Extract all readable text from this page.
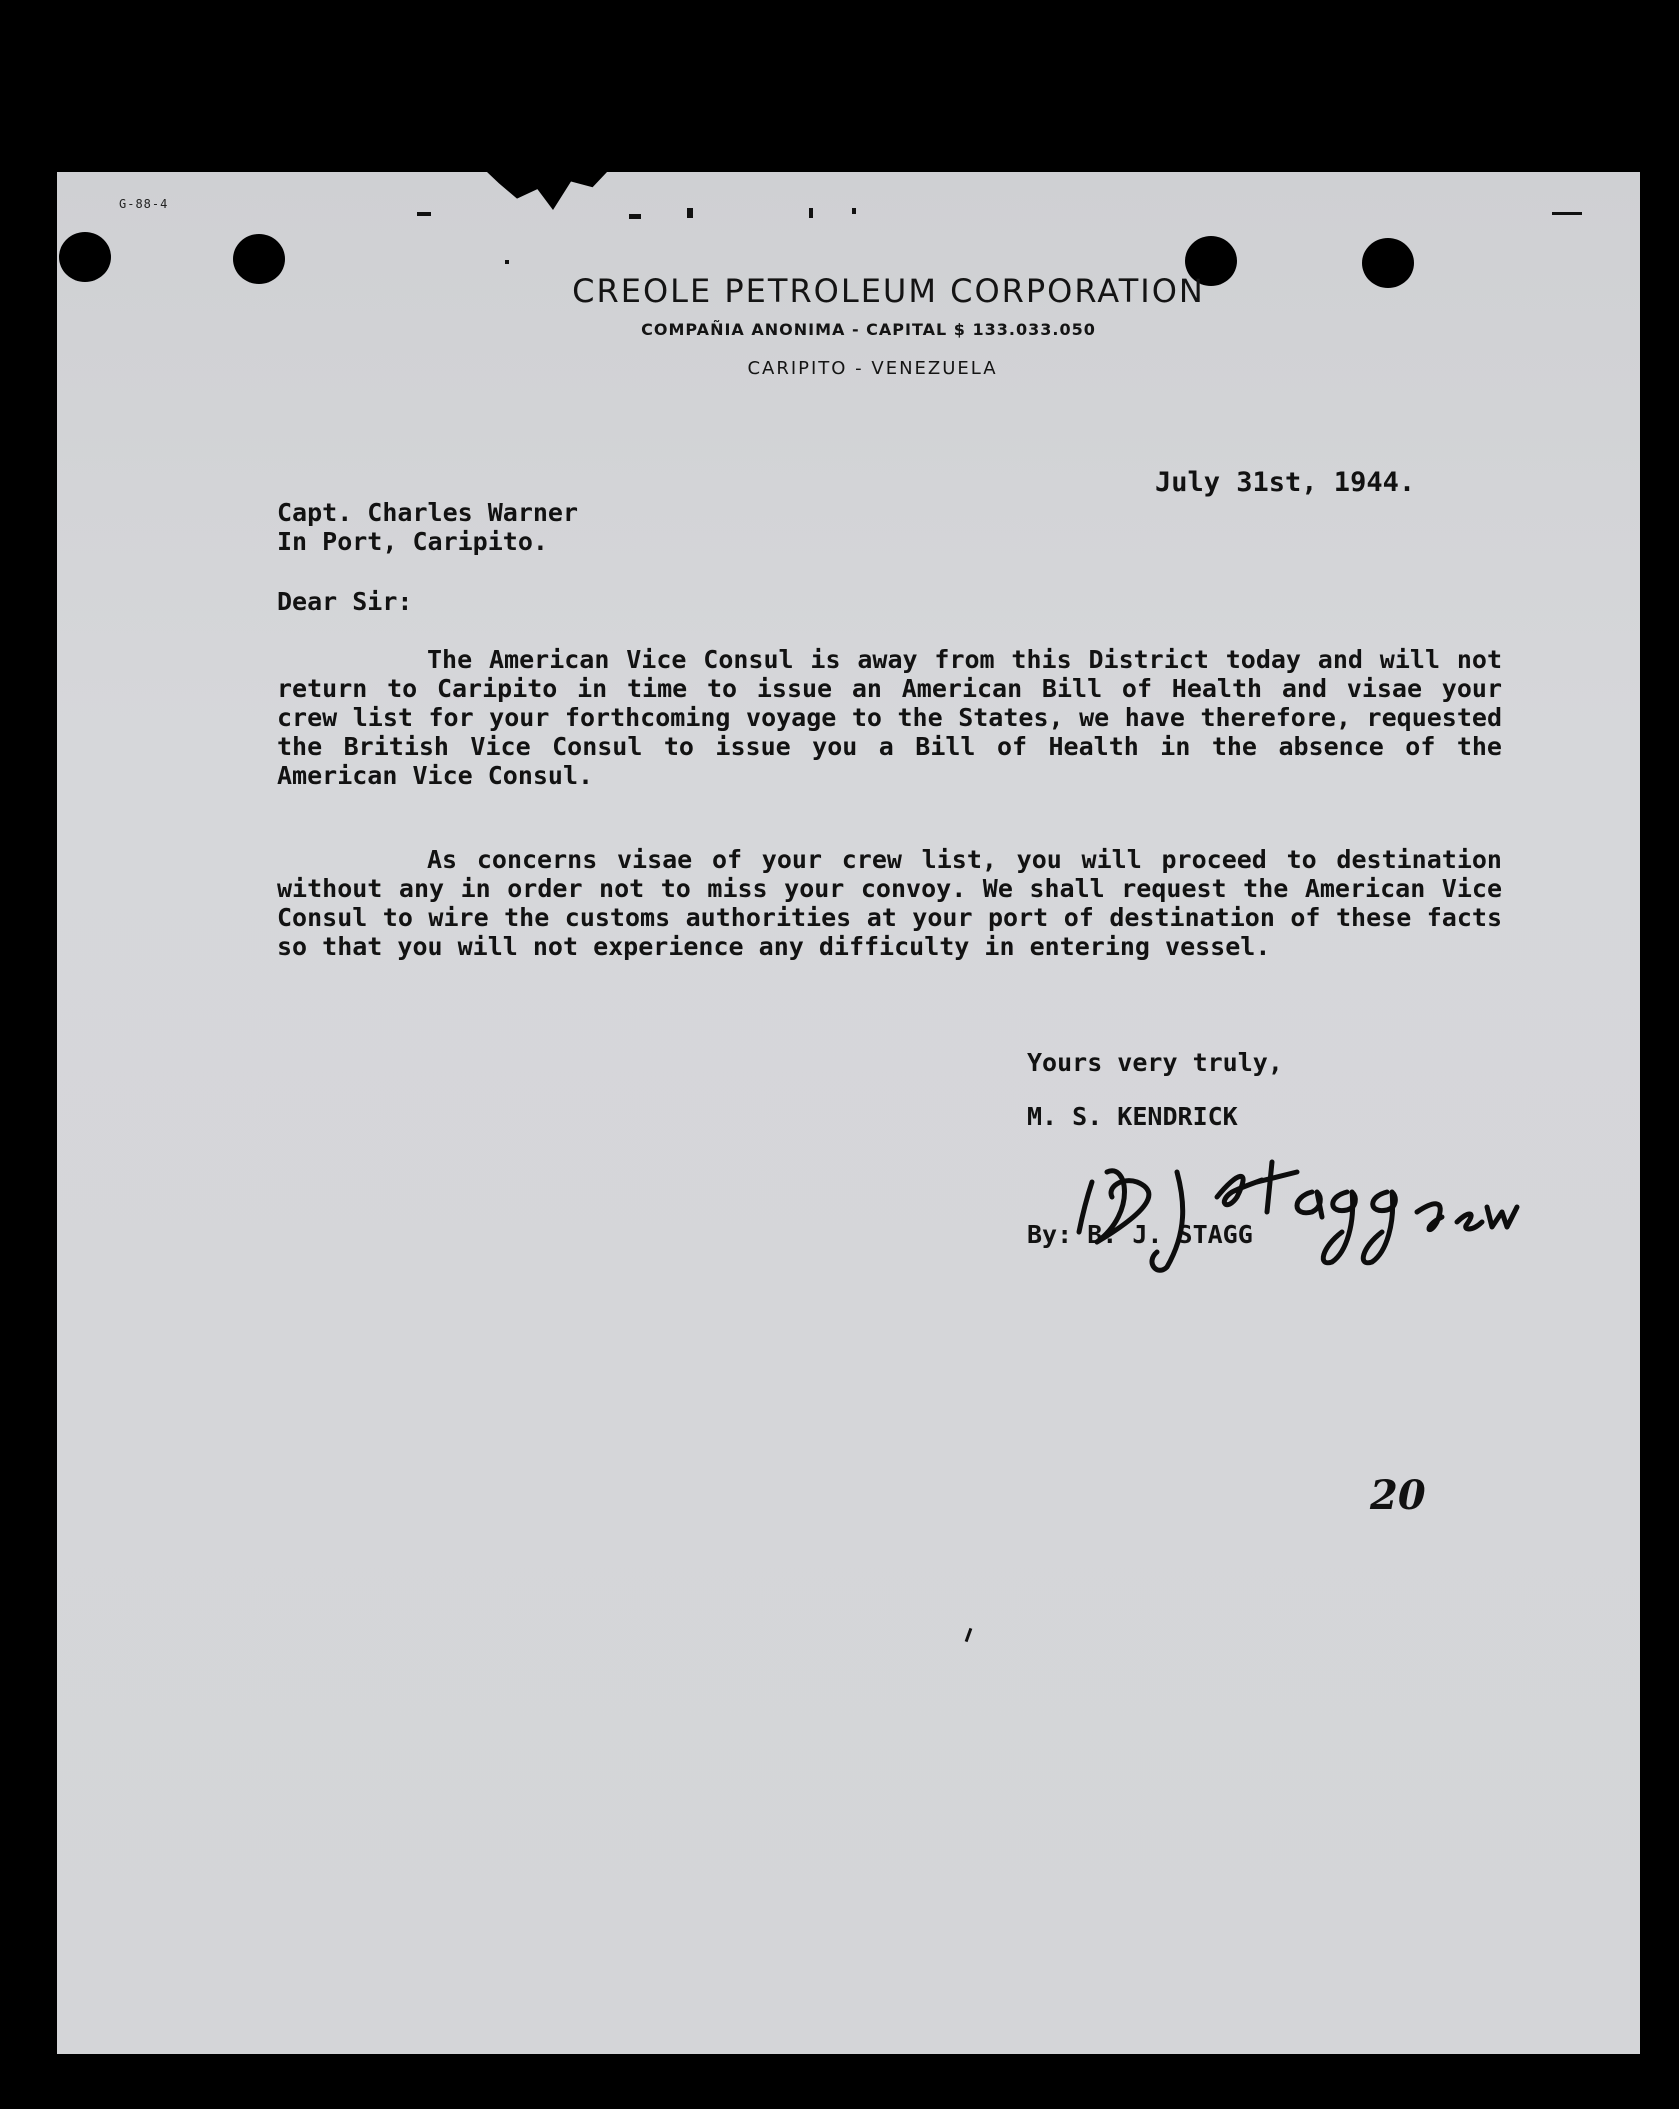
G-88-4
CREOLE PETROLEUM CORPORATION
COMPAÑIA ANONIMA - CAPITAL $ 133.033.050
CARIPITO - VENEZUELA
July 31st, 1944.
Capt. Charles Warner
In Port, Caripito.
Dear Sir:
The American Vice Consul is away from this District today and will not return to Caripito in time to issue an American Bill of Health and visae your crew list for your forthcoming voyage to the States, we have therefore, requested the British Vice Consul to issue you a Bill of Health in the absence of the American Vice Consul.
As concerns visae of your crew list, you will proceed to destination without any in order not to miss your convoy. We shall request the American Vice Consul to wire the customs authorities at your port of destination of these facts so that you will not experience any difficulty in entering vessel.
Yours very truly,
M. S. KENDRICK
By: B. J. STAGG
20
